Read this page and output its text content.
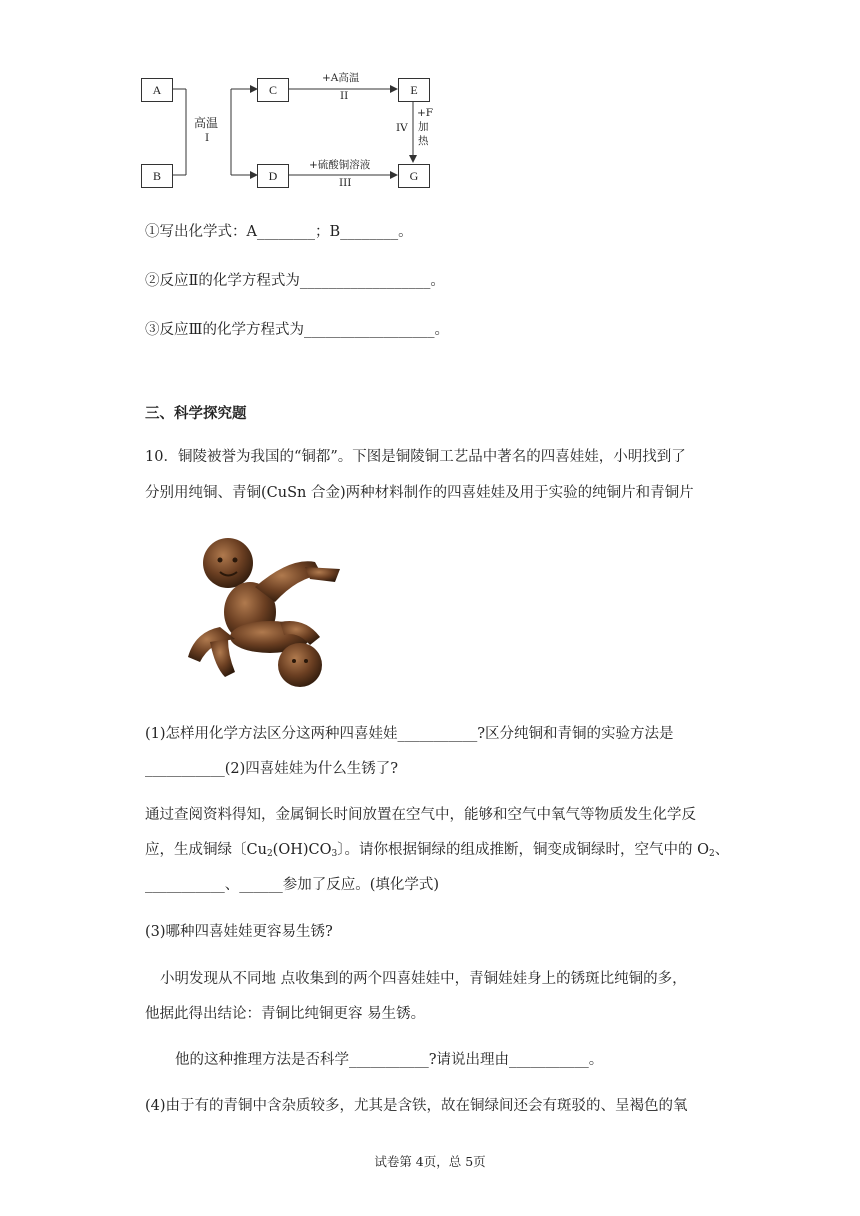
A
B
C
D
E
G
高温
I
+A高温
II
+硫酸铜溶液
III
IV
+F
加
热
①写出化学式：A________；B________。
②反应Ⅱ的化学方程式为__________________。
③反应Ⅲ的化学方程式为__________________。
三、科学探究题
10．铜陵被誉为我国的“铜都”。下图是铜陵铜工艺品中著名的四喜娃娃，小明找到了
分别用纯铜、青铜(CuSn 合金)两种材料制作的四喜娃娃及用于实验的纯铜片和青铜片
(1)怎样用化学方法区分这两种四喜娃娃___________?区分纯铜和青铜的实验方法是
___________(2)四喜娃娃为什么生锈了?
通过查阅资料得知，金属铜长时间放置在空气中，能够和空气中氧气等物质发生化学反
应，生成铜绿〔$Cu_2(OH)CO_3$〕。请你根据铜绿的组成推断，铜变成铜绿时，空气中的 $O_2$、
___________、______参加了反应。(填化学式)
(3)哪种四喜娃娃更容易生锈?
小明发现从不同地 点收集到的两个四喜娃娃中，青铜娃娃身上的锈斑比纯铜的多，
他据此得出结论：青铜比纯铜更容 易生锈。
他的这种推理方法是否科学___________?请说出理由___________。
(4)由于有的青铜中含杂质较多，尤其是含铁，故在铜绿间还会有斑驳的、呈褐色的氧
试卷第 4页，总 5页
